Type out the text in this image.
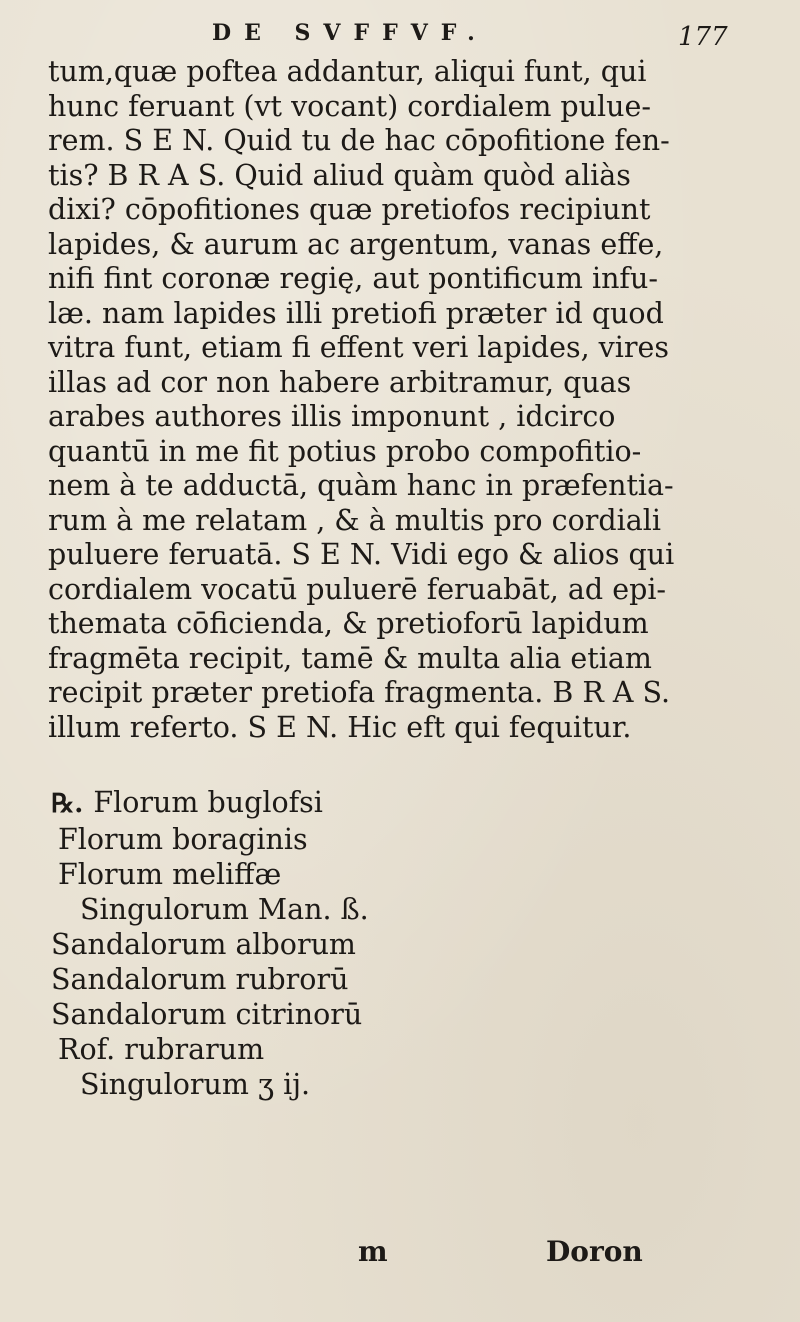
DE SVFFVF.	177
tum,quæ poftea addantur, aliqui funt, qui
hunc feruant (vt vocant) cordialem pulue-
rem. S E N. Quid tu de hac cōpofitione fen-
tis? B R A S. Quid aliud quàm quòd aliàs
dixi? cōpofitiones quæ pretiofos recipiunt
lapides, & aurum ac argentum, vanas effe,
nifi fint coronæ regię, aut pontificum infu-
læ. nam lapides illi pretiofi præter id quod
vitra funt, etiam fi effent veri lapides, vires
illas ad cor non habere arbitramur, quas
arabes authores illis imponunt , idcirco
quantū in me fit potius probo compofitio-
nem à te adductā, quàm hanc in præfentia-
rum à me relatam , & à multis pro cordiali
puluere feruatā. S E N. Vidi ego & alios qui
cordialem vocatū puluerē feruabāt, ad epi-
themata cōficienda, & pretioforū lapidum
fragmēta recipit, tamē & multa alia etiam
recipit præter pretiofa fragmenta. B R A S.
illum referto. S E N. Hic eft qui fequitur.
℞. Florum buglofsi
Florum boraginis
Florum meliffæ
Singulorum Man. ß.
Sandalorum alborum
Sandalorum rubrorū
Sandalorum citrinorū
Rof. rubrarum
Singulorum ʒ ij.
m	Doron
